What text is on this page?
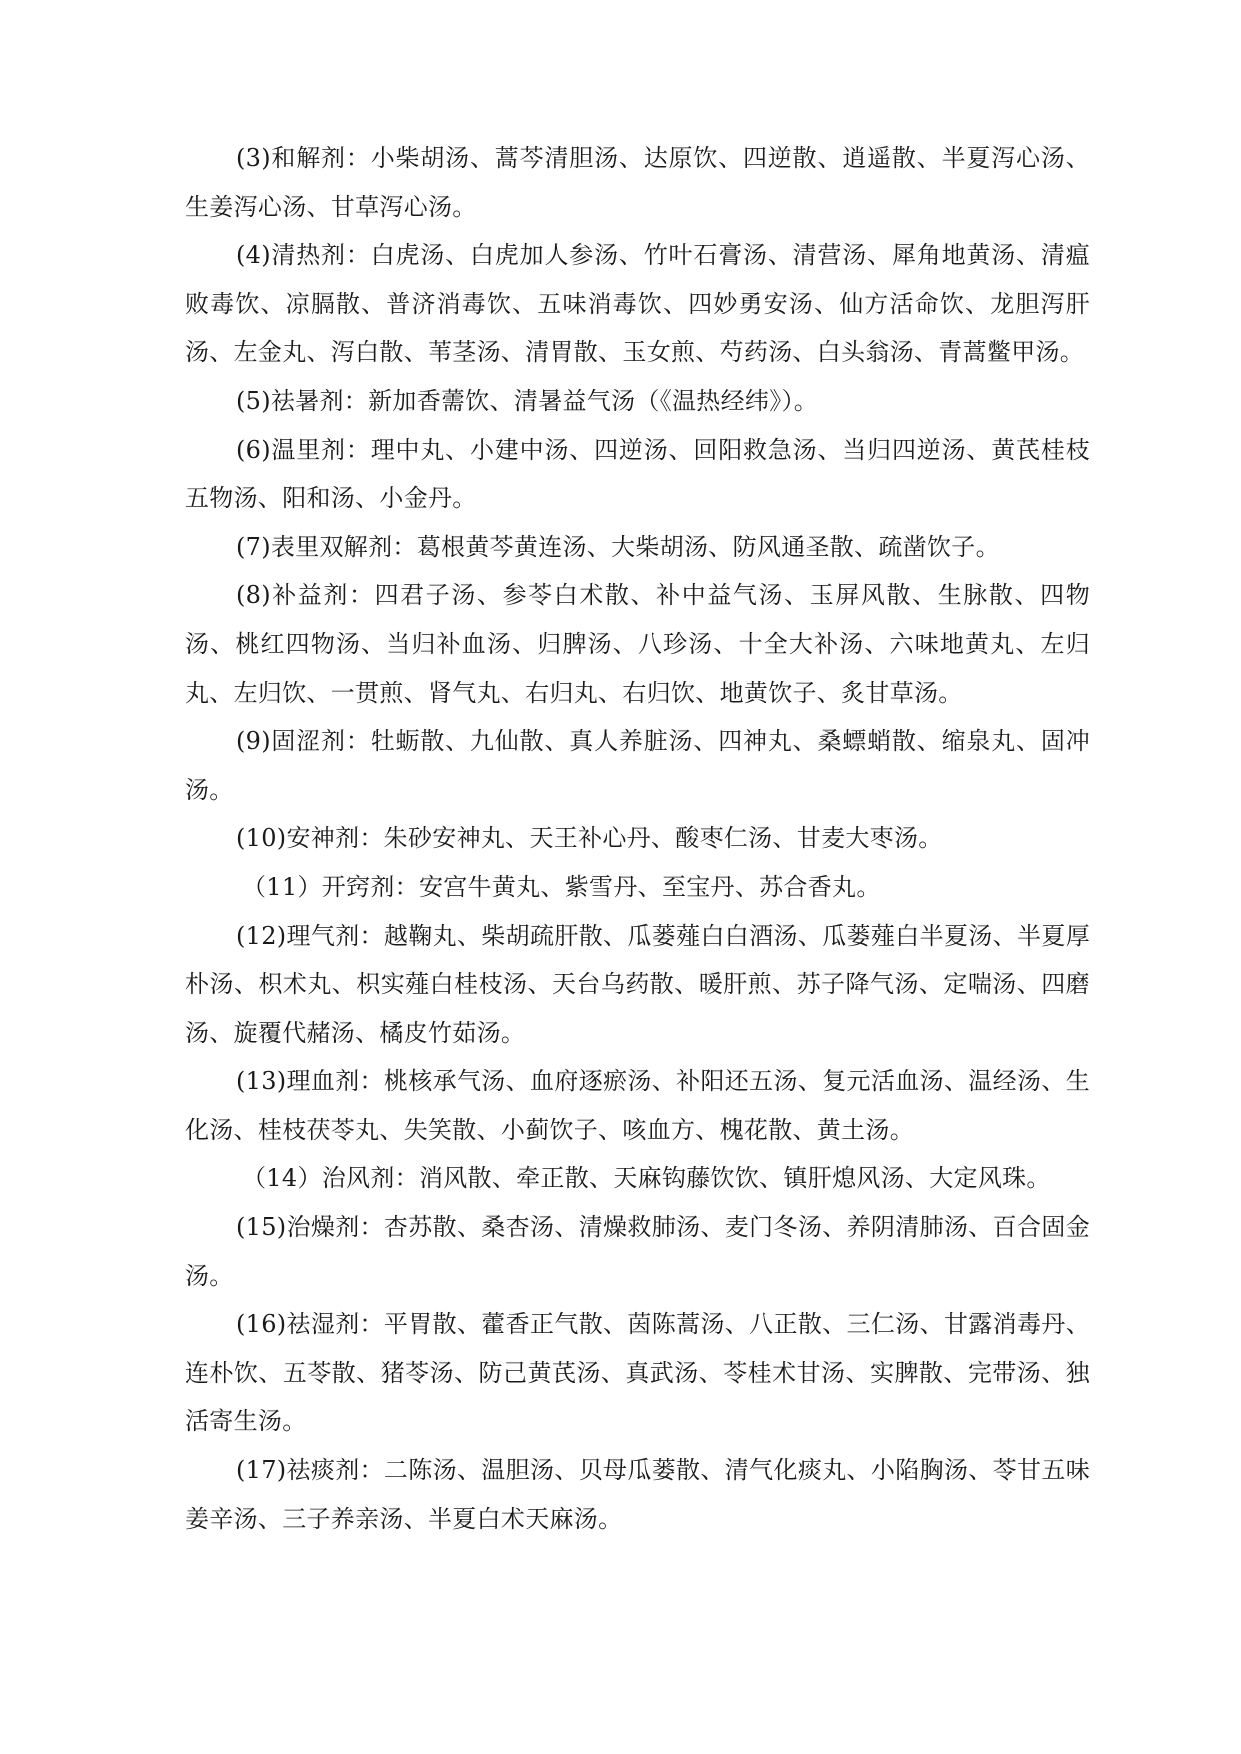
(3)和解剂：小柴胡汤、蒿芩清胆汤、达原饮、四逆散、逍遥散、半夏泻心汤、生姜泻心汤、甘草泻心汤。

(4)清热剂：白虎汤、白虎加人参汤、竹叶石膏汤、清营汤、犀角地黄汤、清瘟败毒饮、凉膈散、普济消毒饮、五味消毒饮、四妙勇安汤、仙方活命饮、龙胆泻肝汤、左金丸、泻白散、苇茎汤、清胃散、玉女煎、芍药汤、白头翁汤、青蒿鳖甲汤。

(5)祛暑剂：新加香薷饮、清暑益气汤（《温热经纬》）。

(6)温里剂：理中丸、小建中汤、四逆汤、回阳救急汤、当归四逆汤、黄芪桂枝五物汤、阳和汤、小金丹。

(7)表里双解剂：葛根黄芩黄连汤、大柴胡汤、防风通圣散、疏凿饮子。

(8)补益剂：四君子汤、参苓白术散、补中益气汤、玉屏风散、生脉散、四物汤、桃红四物汤、当归补血汤、归脾汤、八珍汤、十全大补汤、六味地黄丸、左归丸、左归饮、一贯煎、肾气丸、右归丸、右归饮、地黄饮子、炙甘草汤。

(9)固涩剂：牡蛎散、九仙散、真人养脏汤、四神丸、桑螵蛸散、缩泉丸、固冲汤。

(10)安神剂：朱砂安神丸、天王补心丹、酸枣仁汤、甘麦大枣汤。

（11）开窍剂：安宫牛黄丸、紫雪丹、至宝丹、苏合香丸。

(12)理气剂：越鞠丸、柴胡疏肝散、瓜蒌薤白白酒汤、瓜蒌薤白半夏汤、半夏厚朴汤、枳术丸、枳实薤白桂枝汤、天台乌药散、暖肝煎、苏子降气汤、定喘汤、四磨汤、旋覆代赭汤、橘皮竹茹汤。

(13)理血剂：桃核承气汤、血府逐瘀汤、补阳还五汤、复元活血汤、温经汤、生化汤、桂枝茯苓丸、失笑散、小蓟饮子、咳血方、槐花散、黄土汤。

（14）治风剂：消风散、牵正散、天麻钩藤饮饮、镇肝熄风汤、大定风珠。

(15)治燥剂：杏苏散、桑杏汤、清燥救肺汤、麦门冬汤、养阴清肺汤、百合固金汤。

(16)祛湿剂：平胃散、藿香正气散、茵陈蒿汤、八正散、三仁汤、甘露消毒丹、连朴饮、五苓散、猪苓汤、防己黄芪汤、真武汤、苓桂术甘汤、实脾散、完带汤、独活寄生汤。

(17)祛痰剂：二陈汤、温胆汤、贝母瓜蒌散、清气化痰丸、小陷胸汤、苓甘五味姜辛汤、三子养亲汤、半夏白术天麻汤。
